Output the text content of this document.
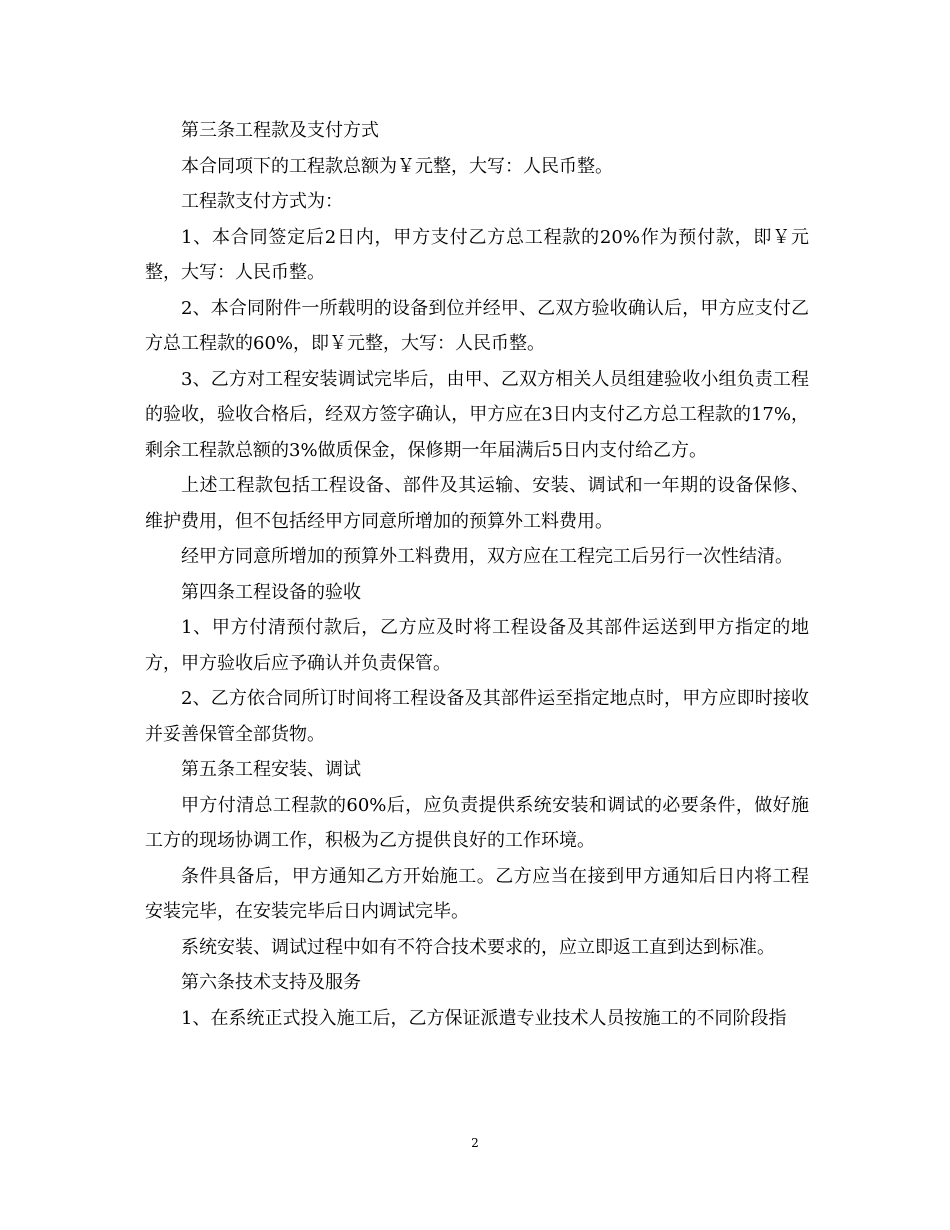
第三条工程款及支付方式

本合同项下的工程款总额为￥元整，大写：人民币整。

工程款支付方式为：

1、本合同签定后2日内，甲方支付乙方总工程款的20%作为预付款，即￥元整，大写：人民币整。

2、本合同附件一所载明的设备到位并经甲、乙双方验收确认后，甲方应支付乙方总工程款的60%，即￥元整，大写：人民币整。

3、乙方对工程安装调试完毕后，由甲、乙双方相关人员组建验收小组负责工程的验收，验收合格后，经双方签字确认，甲方应在3日内支付乙方总工程款的17%，剩余工程款总额的3%做质保金，保修期一年届满后5日内支付给乙方。

上述工程款包括工程设备、部件及其运输、安装、调试和一年期的设备保修、维护费用，但不包括经甲方同意所增加的预算外工料费用。

经甲方同意所增加的预算外工料费用，双方应在工程完工后另行一次性结清。

第四条工程设备的验收

1、甲方付清预付款后，乙方应及时将工程设备及其部件运送到甲方指定的地方，甲方验收后应予确认并负责保管。

2、乙方依合同所订时间将工程设备及其部件运至指定地点时，甲方应即时接收并妥善保管全部货物。

第五条工程安装、调试

甲方付清总工程款的60%后，应负责提供系统安装和调试的必要条件，做好施工方的现场协调工作，积极为乙方提供良好的工作环境。

条件具备后，甲方通知乙方开始施工。乙方应当在接到甲方通知后日内将工程安装完毕，在安装完毕后日内调试完毕。

系统安装、调试过程中如有不符合技术要求的，应立即返工直到达到标准。

第六条技术支持及服务

1、在系统正式投入施工后，乙方保证派遣专业技术人员按施工的不同阶段指

2
